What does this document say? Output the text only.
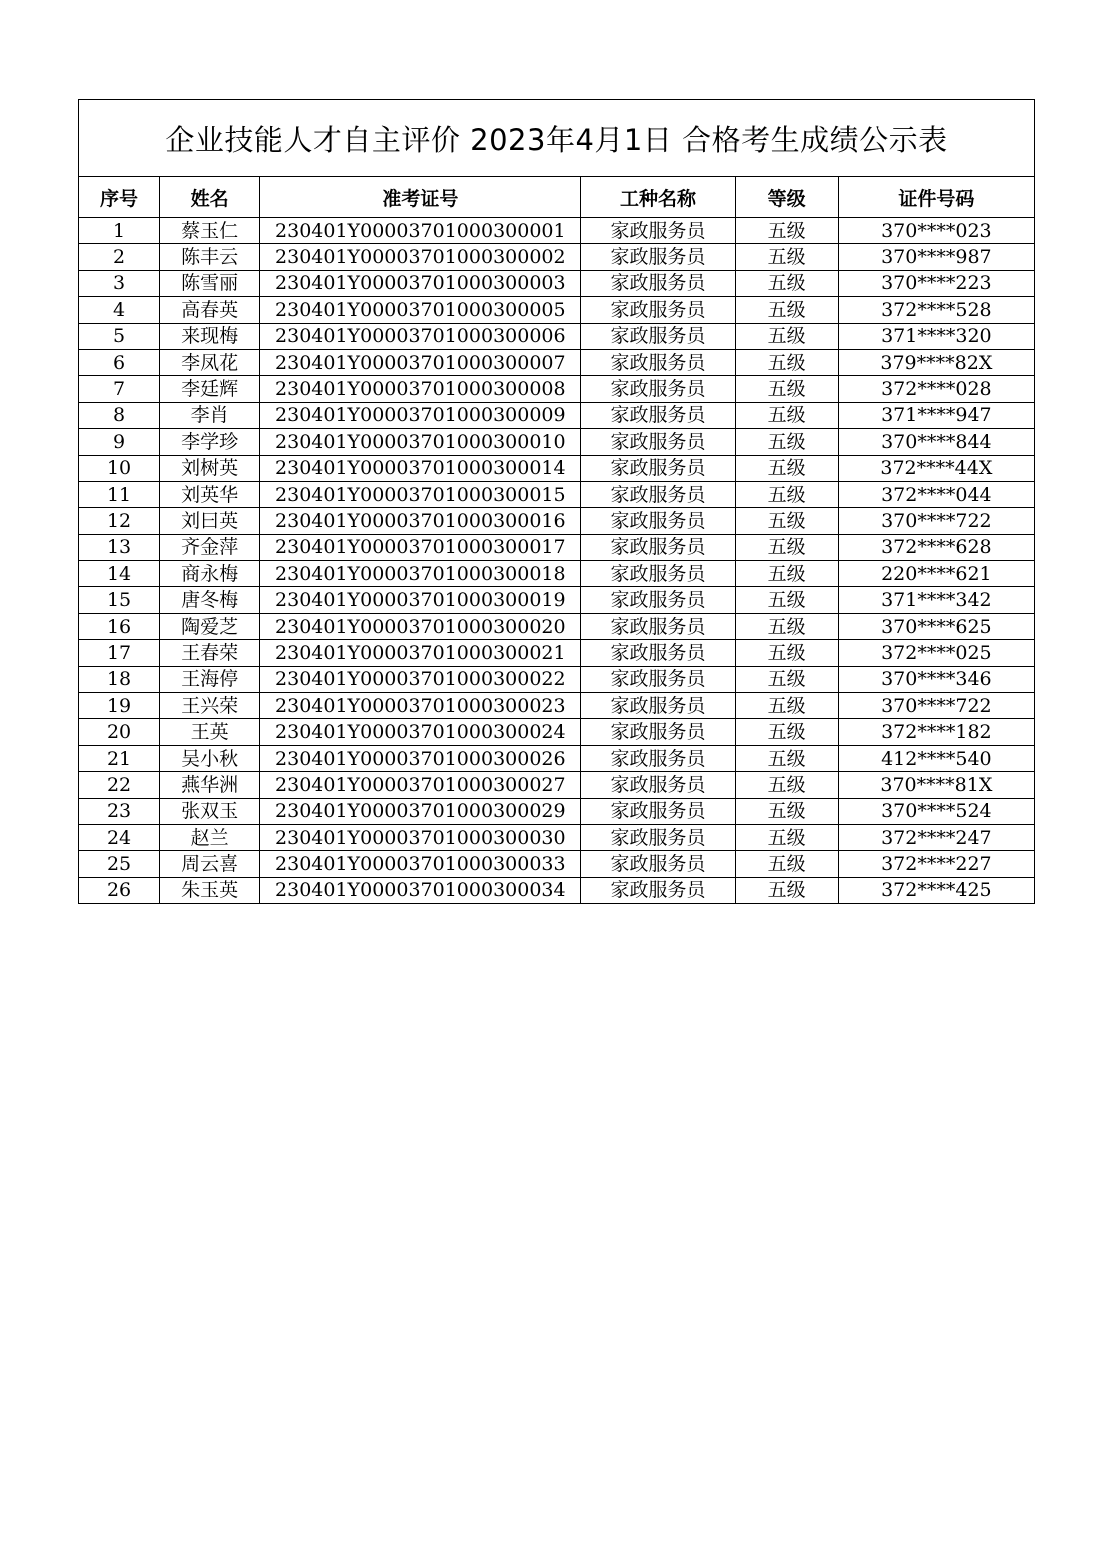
企业技能人才自主评价 2023年4月1日 合格考生成绩公示表					
序号	姓名	准考证号	工种名称	等级	证件号码
1	蔡玉仁	230401Y00003701000300001	家政服务员	五级	370****023
2	陈丰云	230401Y00003701000300002	家政服务员	五级	370****987
3	陈雪丽	230401Y00003701000300003	家政服务员	五级	370****223
4	高春英	230401Y00003701000300005	家政服务员	五级	372****528
5	来现梅	230401Y00003701000300006	家政服务员	五级	371****320
6	李凤花	230401Y00003701000300007	家政服务员	五级	379****82X
7	李廷辉	230401Y00003701000300008	家政服务员	五级	372****028
8	李肖	230401Y00003701000300009	家政服务员	五级	371****947
9	李学珍	230401Y00003701000300010	家政服务员	五级	370****844
10	刘树英	230401Y00003701000300014	家政服务员	五级	372****44X
11	刘英华	230401Y00003701000300015	家政服务员	五级	372****044
12	刘曰英	230401Y00003701000300016	家政服务员	五级	370****722
13	齐金萍	230401Y00003701000300017	家政服务员	五级	372****628
14	商永梅	230401Y00003701000300018	家政服务员	五级	220****621
15	唐冬梅	230401Y00003701000300019	家政服务员	五级	371****342
16	陶爱芝	230401Y00003701000300020	家政服务员	五级	370****625
17	王春荣	230401Y00003701000300021	家政服务员	五级	372****025
18	王海停	230401Y00003701000300022	家政服务员	五级	370****346
19	王兴荣	230401Y00003701000300023	家政服务员	五级	370****722
20	王英	230401Y00003701000300024	家政服务员	五级	372****182
21	吴小秋	230401Y00003701000300026	家政服务员	五级	412****540
22	燕华洲	230401Y00003701000300027	家政服务员	五级	370****81X
23	张双玉	230401Y00003701000300029	家政服务员	五级	370****524
24	赵兰	230401Y00003701000300030	家政服务员	五级	372****247
25	周云喜	230401Y00003701000300033	家政服务员	五级	372****227
26	朱玉英	230401Y00003701000300034	家政服务员	五级	372****425
